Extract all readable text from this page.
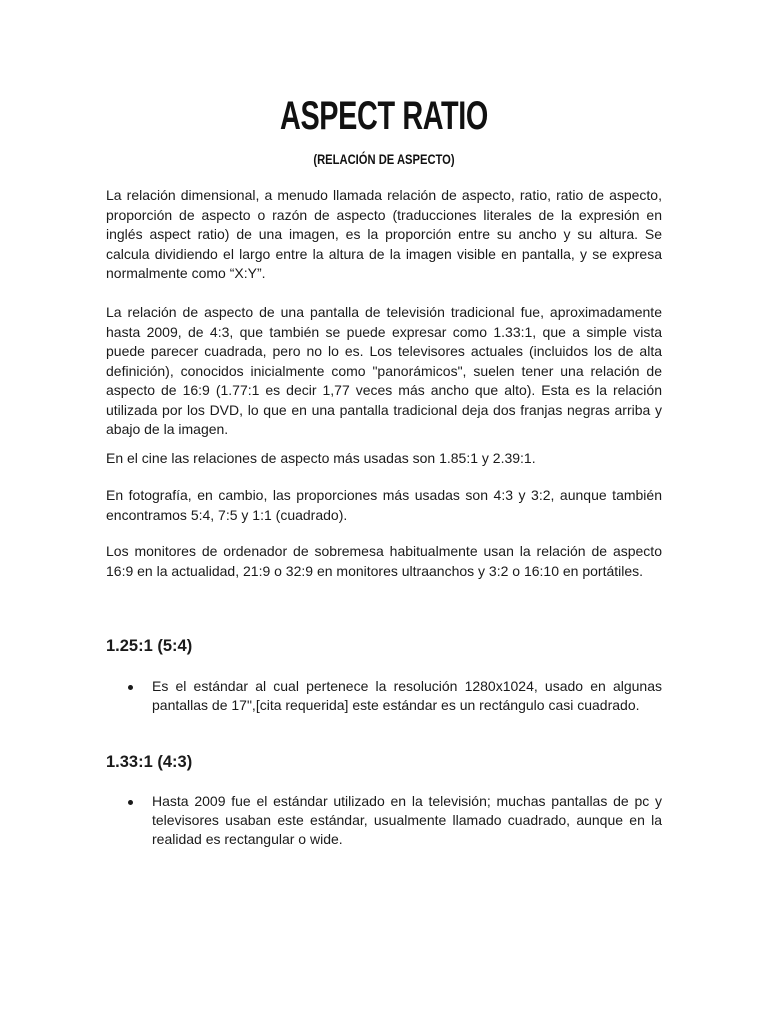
ASPECT RATIO
(RELACIÓN DE ASPECTO)

La relación dimensional, a menudo llamada relación de aspecto, ratio, ratio de aspecto, proporción de aspecto o razón de aspecto (traducciones literales de la expresión en inglés aspect ratio) de una imagen, es la proporción entre su ancho y su altura. Se calcula dividiendo el largo entre la altura de la imagen visible en pantalla, y se expresa normalmente como “X:Y”.

La relación de aspecto de una pantalla de televisión tradicional fue, aproximadamente hasta 2009, de 4:3, que también se puede expresar como 1.33:1, que a simple vista puede parecer cuadrada, pero no lo es. Los televisores actuales (incluidos los de alta definición), conocidos inicialmente como "panorámicos", suelen tener una relación de aspecto de 16:9 (1.77:1 es decir 1,77 veces más ancho que alto). Esta es la relación utilizada por los DVD, lo que en una pantalla tradicional deja dos franjas negras arriba y abajo de la imagen.

En el cine las relaciones de aspecto más usadas son 1.85:1 y 2.39:1.

En fotografía, en cambio, las proporciones más usadas son 4:3 y 3:2, aunque también encontramos 5:4, 7:5 y 1:1 (cuadrado).

Los monitores de ordenador de sobremesa habitualmente usan la relación de aspecto 16:9 en la actualidad, 21:9 o 32:9 en monitores ultraanchos y 3:2 o 16:10 en portátiles.

1.25:1 (5:4)
Es el estándar al cual pertenece la resolución 1280x1024, usado en algunas pantallas de 17",[cita requerida] este estándar es un rectángulo casi cuadrado.
1.33:1 (4:3)
Hasta 2009 fue el estándar utilizado en la televisión; muchas pantallas de pc y televisores usaban este estándar, usualmente llamado cuadrado, aunque en la realidad es rectangular o wide.
